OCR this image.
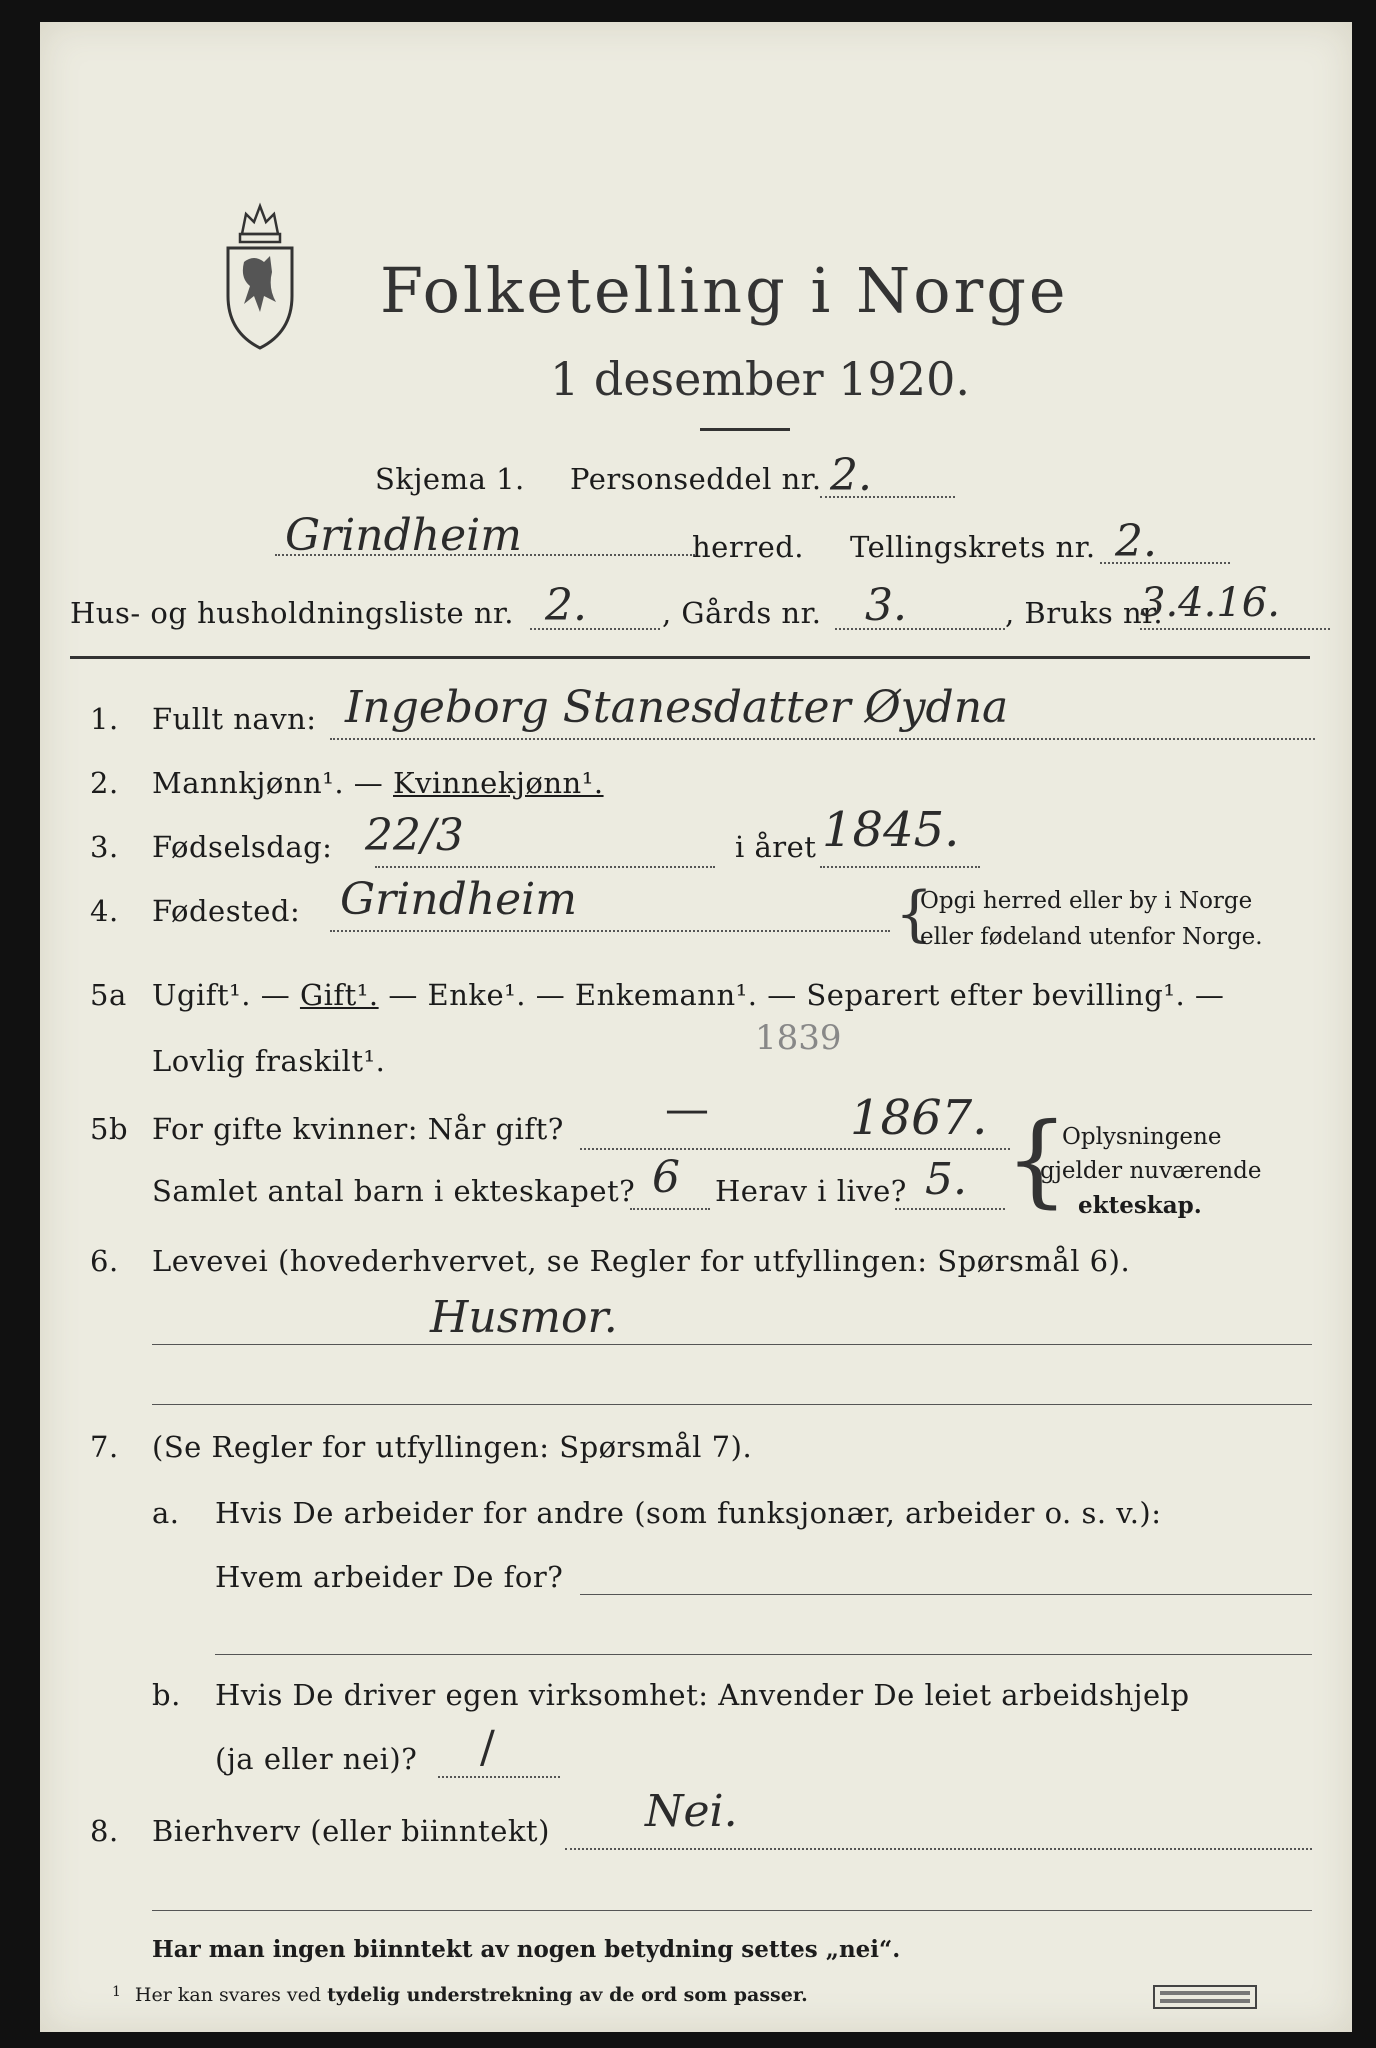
Folketelling i Norge
1 desember 1920.
Skjema 1. Personseddel nr. 2.
Grindheim	herred. Tellingskrets nr. 2.
Hus- og husholdningsliste nr. 2.	, Gårds nr. 3.	, Bruks nr.
3.4.16.
1. Fullt navn: Ingeborg Stanesdatter Øydna
2. Mannkjønn¹. — Kvinnekjønn¹.
3. Fødselsdag: 22/3	i året 1845.
4. Fødested: Grindheim	{
Opgi herred eller by i Norge
eller fødeland utenfor Norge.
5a Ugift¹. — Gift¹. — Enke¹. — Enkemann¹. — Separert efter bevilling¹. —
Lovlig fraskilt¹.
1839
5b For gifte kvinner: Når gift? —	1867.
Samlet antal barn i ekteskapet? 6 Herav i live? 5. {
Oplysningene
gjelder nuværende
ekteskap.
6. Levevei (hovederhvervet, se Regler for utfyllingen: Spørsmål 6).
Husmor.
7. (Se Regler for utfyllingen: Spørsmål 7).
a. Hvis De arbeider for andre (som funksjonær, arbeider o. s. v.):
Hvem arbeider De for?
b. Hvis De driver egen virksomhet: Anvender De leiet arbeidshjelp
(ja eller nei)? /
8. Bierhverv (eller biinntekt) Nei.
Har man ingen biinntekt av nogen betydning settes „nei“.
$^1$ Her kan svares ved tydelig understrekning av de ord som passer.
